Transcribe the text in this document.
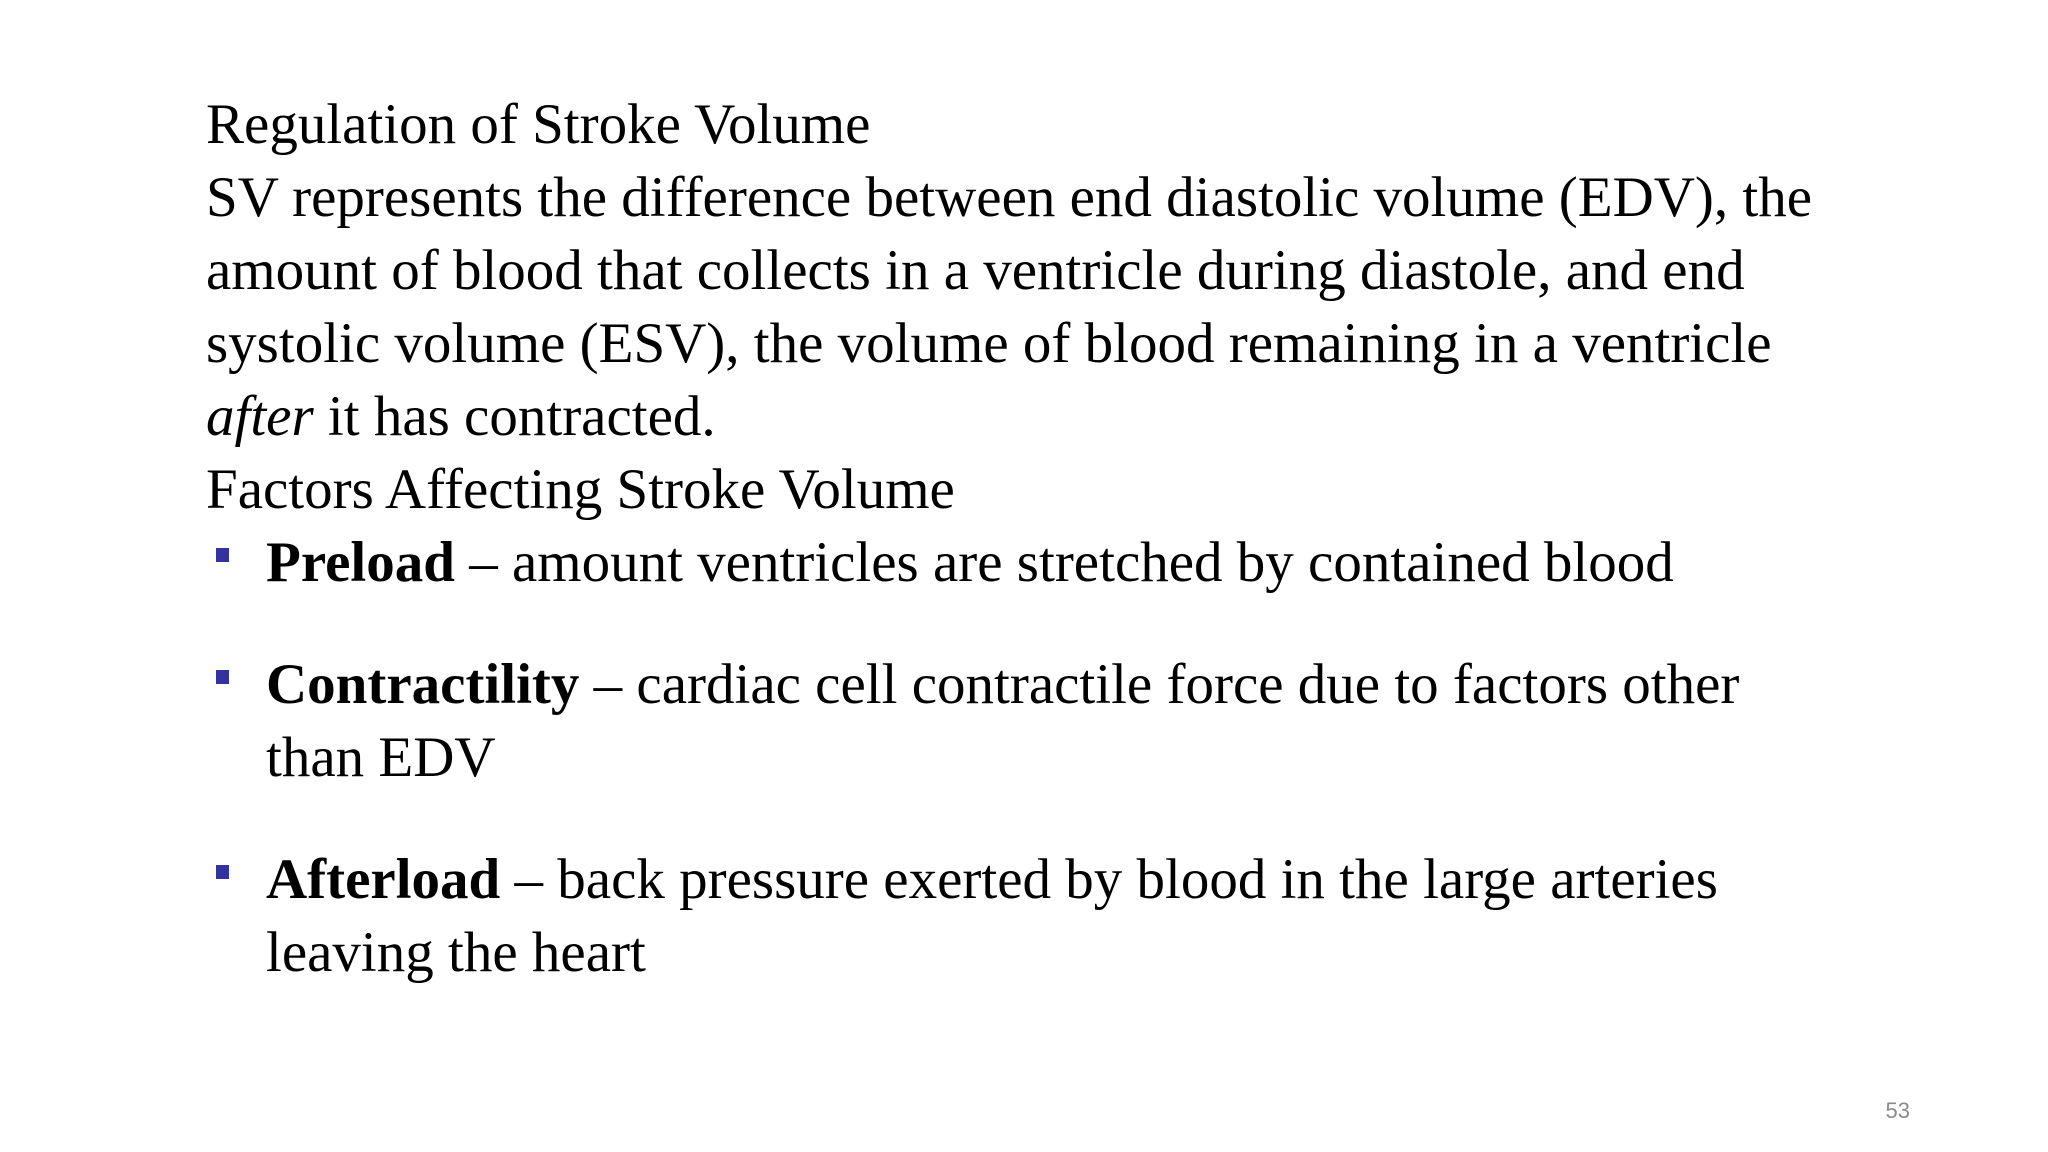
Regulation of Stroke Volume

SV represents the difference between end diastolic volume (EDV), the amount of blood that collects in a ventricle during diastole, and end systolic volume (ESV), the volume of blood remaining in a ventricle after it has contracted.

Factors Affecting Stroke Volume

Preload – amount ventricles are stretched by contained blood
Contractility – cardiac cell contractile force due to factors other than EDV
Afterload – back pressure exerted by blood in the large arteries leaving the heart
53
